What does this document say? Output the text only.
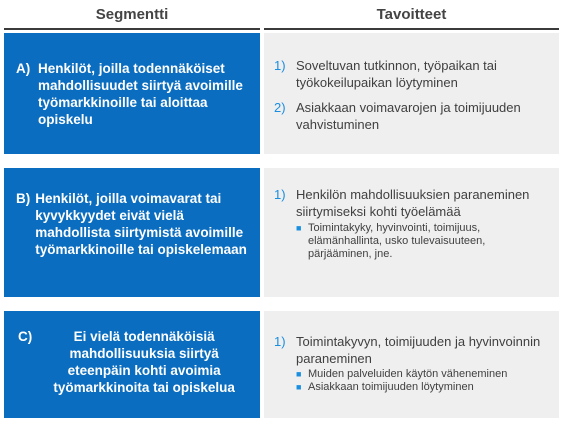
Segmentti	Tavoitteet
A)
Henkilöt, joilla todennäköiset mahdollisuudet siirtyä avoimille työmarkkinoille tai aloittaa opiskelu
1) Soveltuvan tutkinnon, työpaikan tai työkokeilupaikan löytyminen
2) Asiakkaan voimavarojen ja toimijuuden vahvistuminen
B) Henkilöt, joilla voimavarat tai kyvykkyydet eivät vielä mahdollista siirtymistä avoimille työmarkkinoille tai opiskelemaan
1) Henkilön mahdollisuuksien paraneminen siirtymiseksi kohti työelämää
■ Toimintakyky, hyvinvointi, toimijuus, elämänhallinta, usko tulevaisuuteen, pärjääminen, jne.
C)	Ei vielä todennäköisiä mahdollisuuksia siirtyä eteenpäin kohti avoimia työmarkkinoita tai opiskelua
1) Toimintakyvyn, toimijuuden ja hyvinvoinnin paraneminen
■ Muiden palveluiden käytön väheneminen
■ Asiakkaan toimijuuden löytyminen
